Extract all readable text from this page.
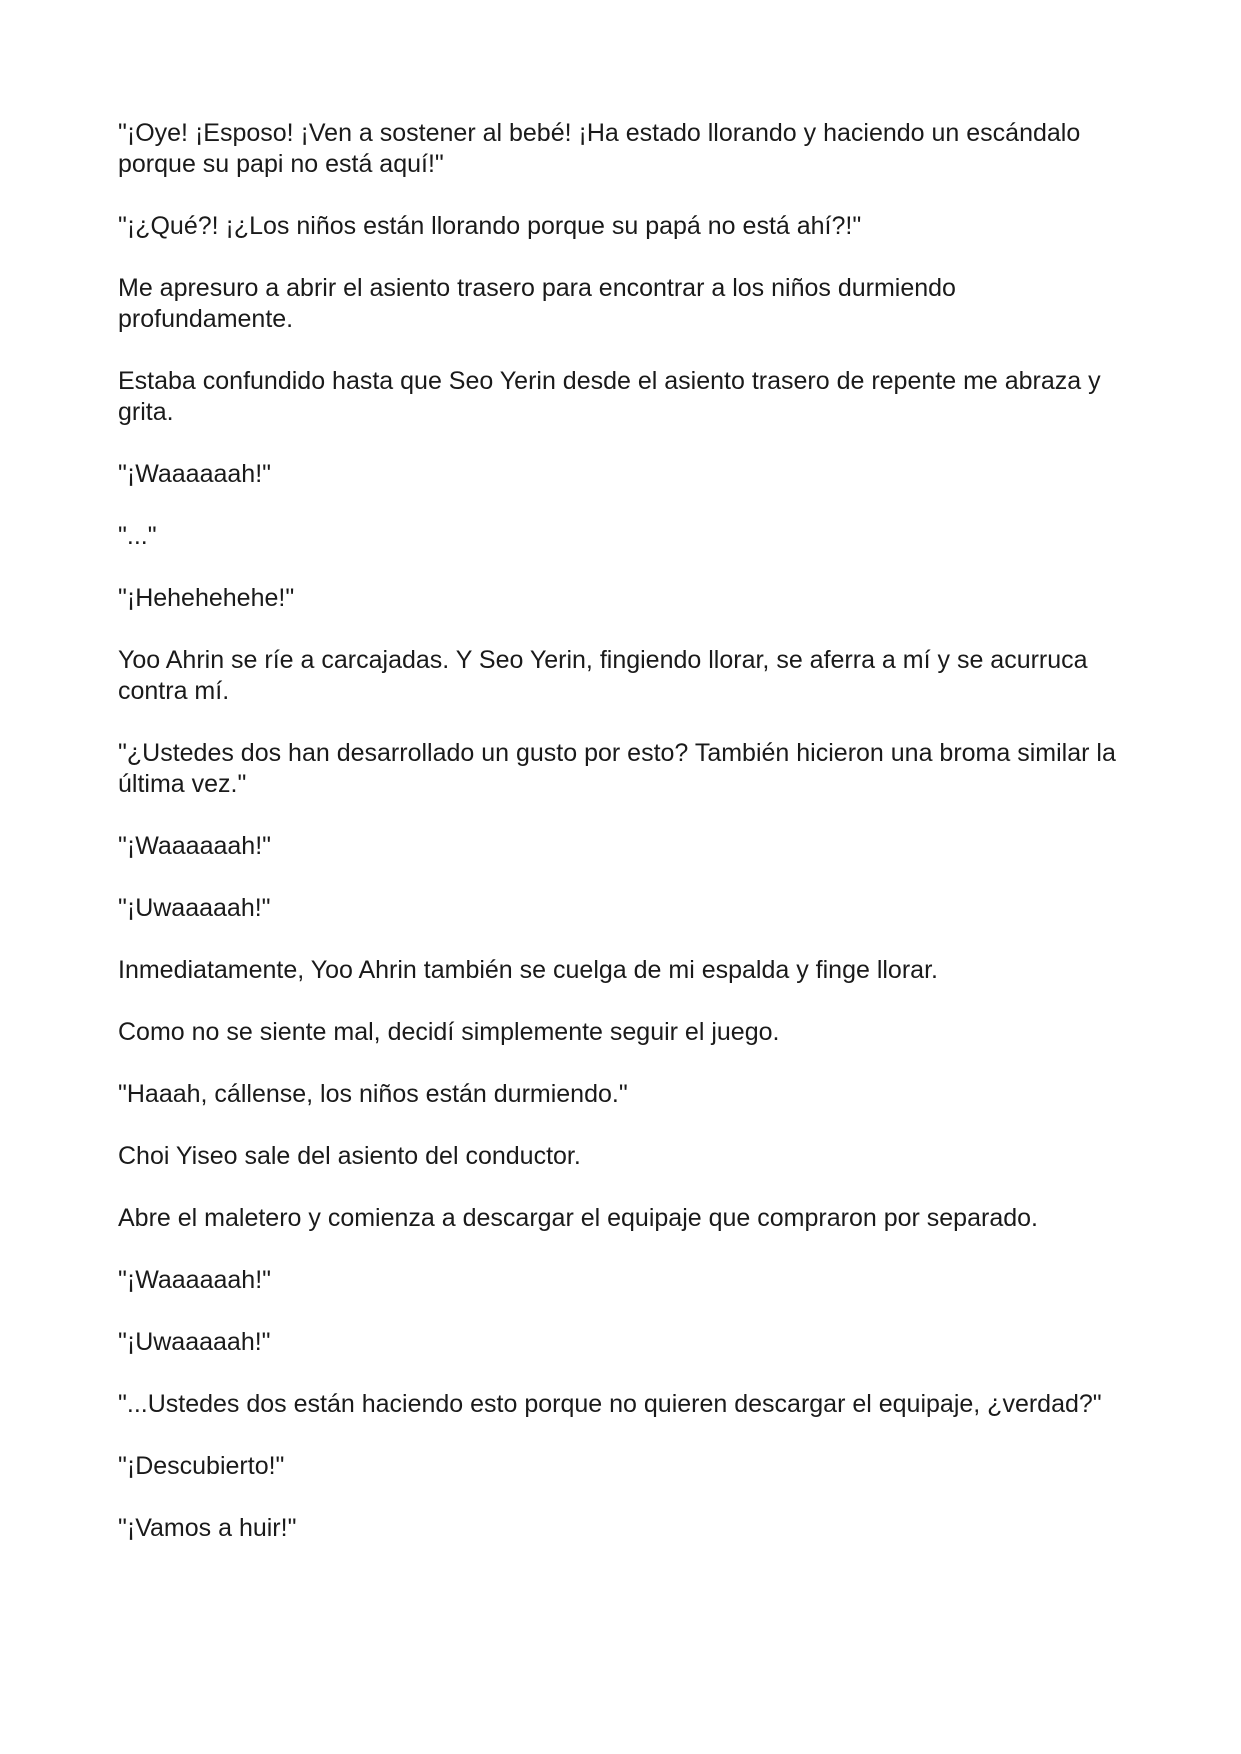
"¡Oye! ¡Esposo! ¡Ven a sostener al bebé! ¡Ha estado llorando y haciendo un escándalo porque su papi no está aquí!"

"¡¿Qué?! ¡¿Los niños están llorando porque su papá no está ahí?!"

Me apresuro a abrir el asiento trasero para encontrar a los niños durmiendo profundamente.

Estaba confundido hasta que Seo Yerin desde el asiento trasero de repente me abraza y grita.

"¡Waaaaaah!"

"..."

"¡Hehehehehe!"

Yoo Ahrin se ríe a carcajadas. Y Seo Yerin, fingiendo llorar, se aferra a mí y se acurruca contra mí.

"¿Ustedes dos han desarrollado un gusto por esto? También hicieron una broma similar la última vez."

"¡Waaaaaah!"

"¡Uwaaaaah!"

Inmediatamente, Yoo Ahrin también se cuelga de mi espalda y finge llorar.

Como no se siente mal, decidí simplemente seguir el juego.

"Haaah, cállense, los niños están durmiendo."

Choi Yiseo sale del asiento del conductor.

Abre el maletero y comienza a descargar el equipaje que compraron por separado.

"¡Waaaaaah!"

"¡Uwaaaaah!"

"...Ustedes dos están haciendo esto porque no quieren descargar el equipaje, ¿verdad?"

"¡Descubierto!"

"¡Vamos a huir!"
